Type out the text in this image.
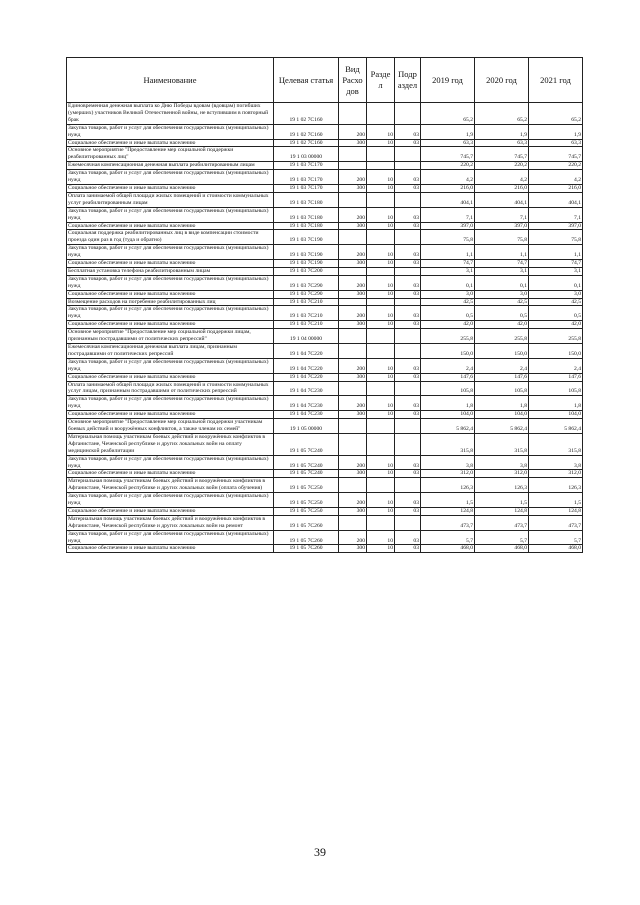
Наименование	Целевая статья	Вид Расхо дов	Разде л	Подр аздел	2019 год	2020 год	2021 год
Единовременная денежная выплата ко Дню Победы вдовам (вдовцам) погибших (умерших) участников Великой Отечественной войны, не вступившим в повторный брак	19 1 02 7С160				65,2	65,2	65,2
Закупка товаров, работ и услуг для обеспечения государственных (муниципальных) нужд	19 1 02 7С160	200	10	03	1,9	1,9	1,9
Социальное обеспечение и иные выплаты населению	19 1 02 7С160	300	10	03	63,3	63,3	63,3
Основное мероприятие "Предоставление мер социальной поддержки реабилитированных лиц"	19 1 03 00000				745,7	745,7	745,7
Ежемесячная компенсационная денежная выплата реабилитированным лицам	19 1 03 7С170				220,2	220,2	220,2
Закупка товаров, работ и услуг для обеспечения государственных (муниципальных) нужд	19 1 03 7С170	200	10	03	4,2	4,2	4,2
Социальное обеспечение и иные выплаты населению	19 1 03 7С170	300	10	03	216,0	216,0	216,0
Оплата занимаемой общей площади жилых помещений и стоимости коммунальных услуг реабилитированным лицам	19 1 03 7С180				404,1	404,1	404,1
Закупка товаров, работ и услуг для обеспечения государственных (муниципальных) нужд	19 1 03 7С180	200	10	03	7,1	7,1	7,1
Социальное обеспечение и иные выплаты населению	19 1 03 7С180	300	10	03	397,0	397,0	397,0
Социальная поддержка реабилитированных лиц в виде компенсации стоимости проезда один раз в год (туда и обратно)	19 1 03 7С190				75,8	75,8	75,8
Закупка товаров, работ и услуг для обеспечения государственных (муниципальных) нужд	19 1 03 7С190	200	10	03	1,1	1,1	1,1
Социальное обеспечение и иные выплаты населению	19 1 03 7С190	300	10	03	74,7	74,7	74,7
Бесплатная установка телефона реабилитированным лицам	19 1 03 7С200				3,1	3,1	3,1
Закупка товаров, работ и услуг для обеспечения государственных (муниципальных) нужд	19 1 03 7С290	200	10	03	0,1	0,1	0,1
Социальное обеспечение и иные выплаты населению	19 1 03 7С290	300	10	03	3,0	3,0	3,0
Возмещение расходов на погребение реабилитированных лиц	19 1 03 7С210				42,5	42,5	42,5
Закупка товаров, работ и услуг для обеспечения государственных (муниципальных) нужд	19 1 03 7С210	200	10	03	0,5	0,5	0,5
Социальное обеспечение и иные выплаты населению	19 1 03 7С210	300	10	03	42,0	42,0	42,0
Основное мероприятие "Предоставление мер социальной поддержки лицам, признанным пострадавшими от политических репрессий"	19 1 04 00000				255,8	255,8	255,8
Ежемесячная компенсационная денежная выплата лицам, признанным пострадавшими от политических репрессий	19 1 04 7С220				150,0	150,0	150,0
Закупка товаров, работ и услуг для обеспечения государственных (муниципальных) нужд	19 1 04 7С220	200	10	03	2,4	2,4	2,4
Социальное обеспечение и иные выплаты населению	19 1 04 7С220	300	10	03	147,6	147,6	147,6
Оплата занимаемой общей площади жилых помещений и стоимости коммунальных услуг лицам, признанным пострадавшими от политических репрессий	19 1 04 7С230				105,8	105,8	105,8
Закупка товаров, работ и услуг для обеспечения государственных (муниципальных) нужд	19 1 04 7С230	200	10	03	1,8	1,8	1,8
Социальное обеспечение и иные выплаты населению	19 1 04 7С230	300	10	03	104,0	104,0	104,0
Основное мероприятие "Предоставление мер социальной поддержки участникам боевых действий и вооружённых конфликтов, а также членам их семей"	19 1 05 00000				5 862,4	5 862,4	5 862,4
Материальная помощь участникам боевых действий и вооружённых конфликтов в Афганистане, Чеченской республике и других локальных войн на оплату медицинской реабилитации	19 1 05 7С240				315,8	315,8	315,8
Закупка товаров, работ и услуг для обеспечения государственных (муниципальных) нужд	19 1 05 7С240	200	10	03	3,8	3,8	3,8
Социальное обеспечение и иные выплаты населению	19 1 05 7С240	300	10	03	312,0	312,0	312,0
Материальная помощь участникам боевых действий и вооружённых конфликтов в Афганистане, Чеченской республике и других локальных войн (оплата обучения)	19 1 05 7С250				126,3	126,3	126,3
Закупка товаров, работ и услуг для обеспечения государственных (муниципальных) нужд	19 1 05 7С250	200	10	03	1,5	1,5	1,5
Социальное обеспечение и иные выплаты населению	19 1 05 7С250	300	10	03	124,8	124,8	124,8
Материальная помощь участникам боевых действий и вооружённых конфликтов в Афганистане, Чеченской республике и других локальных войн на ремонт	19 1 05 7С260				473,7	473,7	473,7
Закупка товаров, работ и услуг для обеспечения государственных (муниципальных) нужд	19 1 05 7С260	200	10	03	5,7	5,7	5,7
Социальное обеспечение и иные выплаты населению	19 1 05 7С260	300	10	03	468,0	468,0	468,0
39
